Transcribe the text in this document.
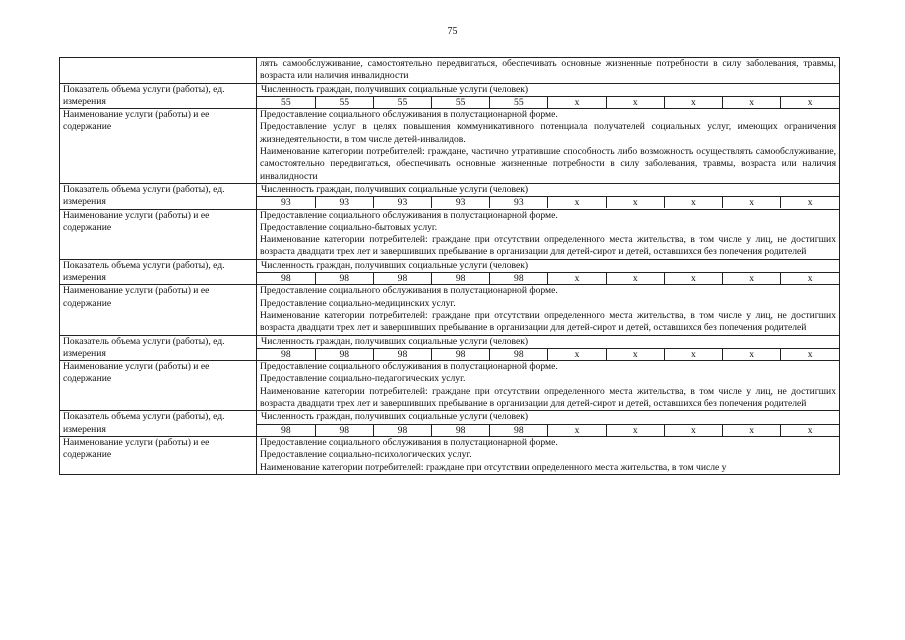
75

лять самообслуживание, самостоятельно передвигаться, обеспечивать основные жизненные потребности в силу заболевания, травмы, возраста или наличия инвалидности

Показатель объема услуги (работы), ед. измерения	
Численность граждан, получивших социальные услуги (человек)
55	55	55	55	55	x	x	x	x	x

Наименование услуги (работы) и ее содержание	

Предоставление социального обслуживания в полустационарной форме.

Предоставление услуг в целях повышения коммуникативного потенциала получателей социальных услуг, имеющих ограничения жизнедеятельности, в том числе детей-инвалидов.

Наименование категории потребителей: граждане, частично утратившие способность либо возможность осуществлять самообслуживание, самостоятельно передвигаться, обеспечивать основные жизненные потребности в силу заболевания, травмы, возраста или наличия инвалидности

Показатель объема услуги (работы), ед. измерения	
Численность граждан, получивших социальные услуги (человек)
93	93	93	93	93	x	x	x	x	x

Наименование услуги (работы) и ее содержание	

Предоставление социального обслуживания в полустационарной форме.

Предоставление социально-бытовых услуг.

Наименование категории потребителей: граждане при отсутствии определенного места жительства, в том числе у лиц, не достигших возраста двадцати трех лет и завершивших пребывание в организации для детей-сирот и детей, оставшихся без попечения родителей

Показатель объема услуги (работы), ед. измерения	
Численность граждан, получивших социальные услуги (человек)
98	98	98	98	98	x	x	x	x	x

Наименование услуги (работы) и ее содержание	

Предоставление социального обслуживания в полустационарной форме.

Предоставление социально-медицинских услуг.

Наименование категории потребителей: граждане при отсутствии определенного места жительства, в том числе у лиц, не достигших возраста двадцати трех лет и завершивших пребывание в организации для детей-сирот и детей, оставшихся без попечения родителей

Показатель объема услуги (работы), ед. измерения	
Численность граждан, получивших социальные услуги (человек)
98	98	98	98	98	x	x	x	x	x

Наименование услуги (работы) и ее содержание	

Предоставление социального обслуживания в полустационарной форме.

Предоставление социально-педагогических услуг.

Наименование категории потребителей: граждане при отсутствии определенного места жительства, в том числе у лиц, не достигших возраста двадцати трех лет и завершивших пребывание в организации для детей-сирот и детей, оставшихся без попечения родителей

Показатель объема услуги (работы), ед. измерения	
Численность граждан, получивших социальные услуги (человек)
98	98	98	98	98	x	x	x	x	x

Наименование услуги (работы) и ее содержание	

Предоставление социального обслуживания в полустационарной форме.

Предоставление социально-психологических услуг.

Наименование категории потребителей: граждане при отсутствии определенного места жительства, в том числе у
